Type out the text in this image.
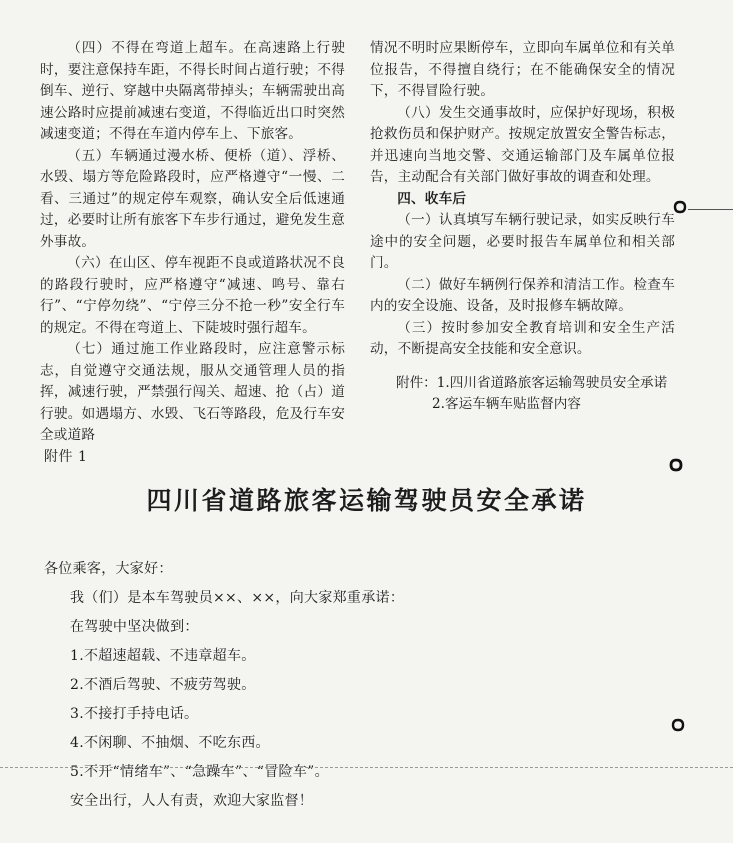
（四）不得在弯道上超车。在高速路上行驶时，要注意保持车距，不得长时间占道行驶；不得倒车、逆行、穿越中央隔离带掉头；车辆需驶出高速公路时应提前减速右变道，不得临近出口时突然减速变道；不得在车道内停车上、下旅客。

（五）车辆通过漫水桥、便桥（道）、浮桥、水毁、塌方等危险路段时，应严格遵守“一慢、二看、三通过”的规定停车观察，确认安全后低速通过，必要时让所有旅客下车步行通过，避免发生意外事故。

（六）在山区、停车视距不良或道路状况不良的路段行驶时，应严格遵守“减速、鸣号、靠右行”、“宁停勿绕”、“宁停三分不抢一秒”安全行车的规定。不得在弯道上、下陡坡时强行超车。

（七）通过施工作业路段时，应注意警示标志，自觉遵守交通法规，服从交通管理人员的指挥，减速行驶，严禁强行闯关、超速、抢（占）道行驶。如遇塌方、水毁、飞石等路段，危及行车安全或道路

情况不明时应果断停车，立即向车属单位和有关单位报告，不得擅自绕行；在不能确保安全的情况下，不得冒险行驶。

（八）发生交通事故时，应保护好现场，积极抢救伤员和保护财产。按规定放置安全警告标志，并迅速向当地交警、交通运输部门及车属单位报告，主动配合有关部门做好事故的调查和处理。

四、收车后

（一）认真填写车辆行驶记录，如实反映行车途中的安全问题，必要时报告车属单位和相关部门。

（二）做好车辆例行保养和清洁工作。检查车内的安全设施、设备，及时报修车辆故障。

（三）按时参加安全教育培训和安全生产活动，不断提高安全技能和安全意识。

附件：1.四川省道路旅客运输驾驶员安全承诺
2.客运车辆车贴监督内容
附件 1
四川省道路旅客运输驾驶员安全承诺
各位乘客，大家好：
我（们）是本车驾驶员××、××，向大家郑重承诺：
在驾驶中坚决做到：
1.不超速超载、不违章超车。
2.不酒后驾驶、不疲劳驾驶。
3.不接打手持电话。
4.不闲聊、不抽烟、不吃东西。
5.不开“情绪车”、“急躁车”、“冒险车”。
安全出行，人人有责，欢迎大家监督！
